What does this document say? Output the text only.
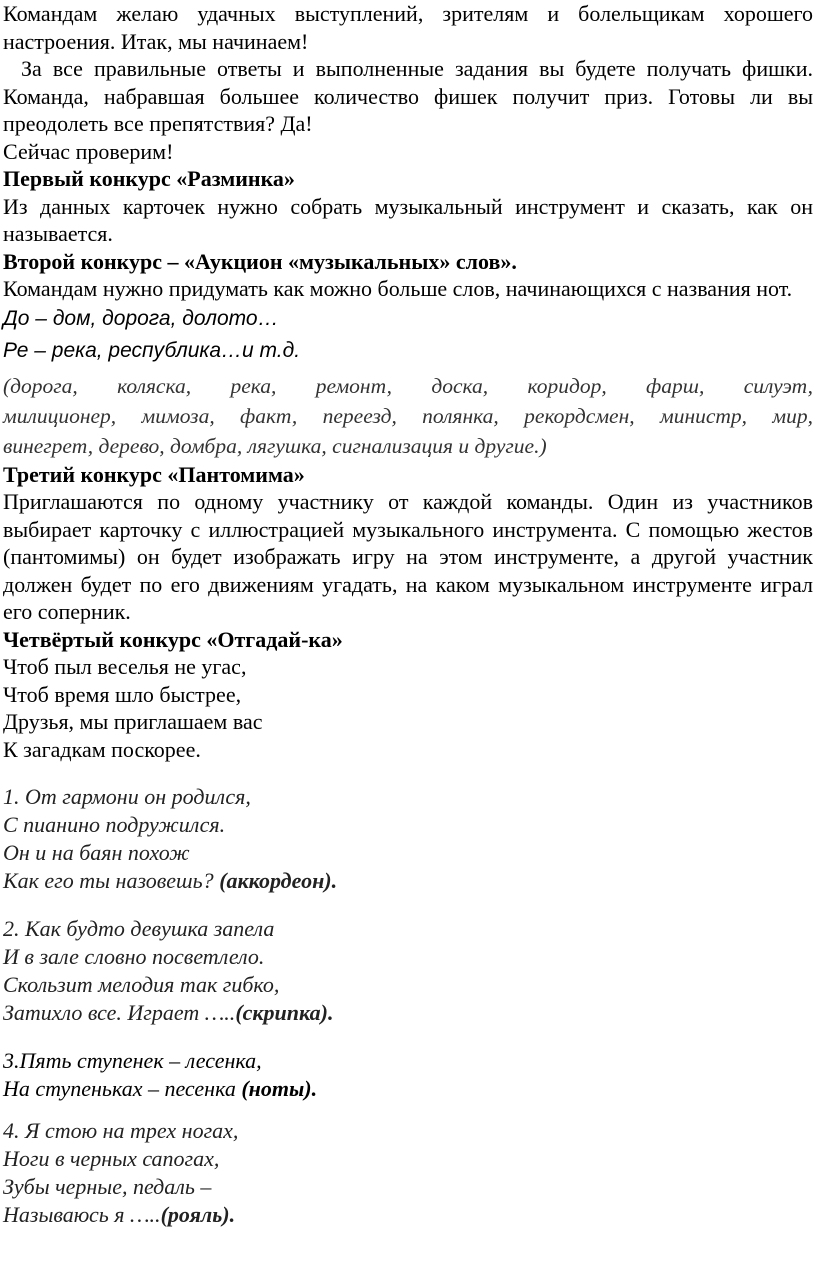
Командам желаю удачных выступлений, зрителям и болельщикам хорошего настроения. Итак, мы начинаем!

За все правильные ответы и выполненные задания вы будете получать фишки. Команда, набравшая большее количество фишек получит приз. Готовы ли вы преодолеть все препятствия? Да!

Сейчас проверим!

Первый конкурс «Разминка»

Из данных карточек нужно собрать музыкальный инструмент и сказать, как он называется.

Второй конкурс – «Аукцион «музыкальных» слов».

Командам нужно придумать как можно больше слов, начинающихся с названия нот.

До – дом, дорога, долото…

Ре – река, республика…и т.д.

(дорога, коляска, река, ремонт, доска, коридор, фарш, силуэт,
милиционер, мимоза, факт, переезд, полянка, рекордсмен, министр, мир,
винегрет, дерево, домбра, лягушка, сигнализация и другие.)

Третий конкурс «Пантомима»

Приглашаются по одному участнику от каждой команды. Один из участников выбирает карточку с иллюстрацией музыкального инструмента. С помощью жестов (пантомимы) он будет изображать игру на этом инструменте, а другой участник должен будет по его движениям угадать, на каком музыкальном инструменте играл его соперник.

Четвёртый конкурс «Отгадай-ка»

Чтоб пыл веселья не угас,

Чтоб время шло быстрее,

Друзья, мы приглашаем вас

К загадкам поскорее.

1. От гармони он родился,

С пианино подружился.

Он и на баян похож

Как его ты назовешь? (аккордеон).

2. Как будто девушка запела

И в зале словно посветлело.

Скользит мелодия так гибко,

Затихло все. Играет …..(скрипка).

3.Пять ступенек – лесенка,

На ступеньках – песенка (ноты).

4. Я стою на трех ногах,

Ноги в черных сапогах,

Зубы черные, педаль –

Называюсь я …..(рояль).
